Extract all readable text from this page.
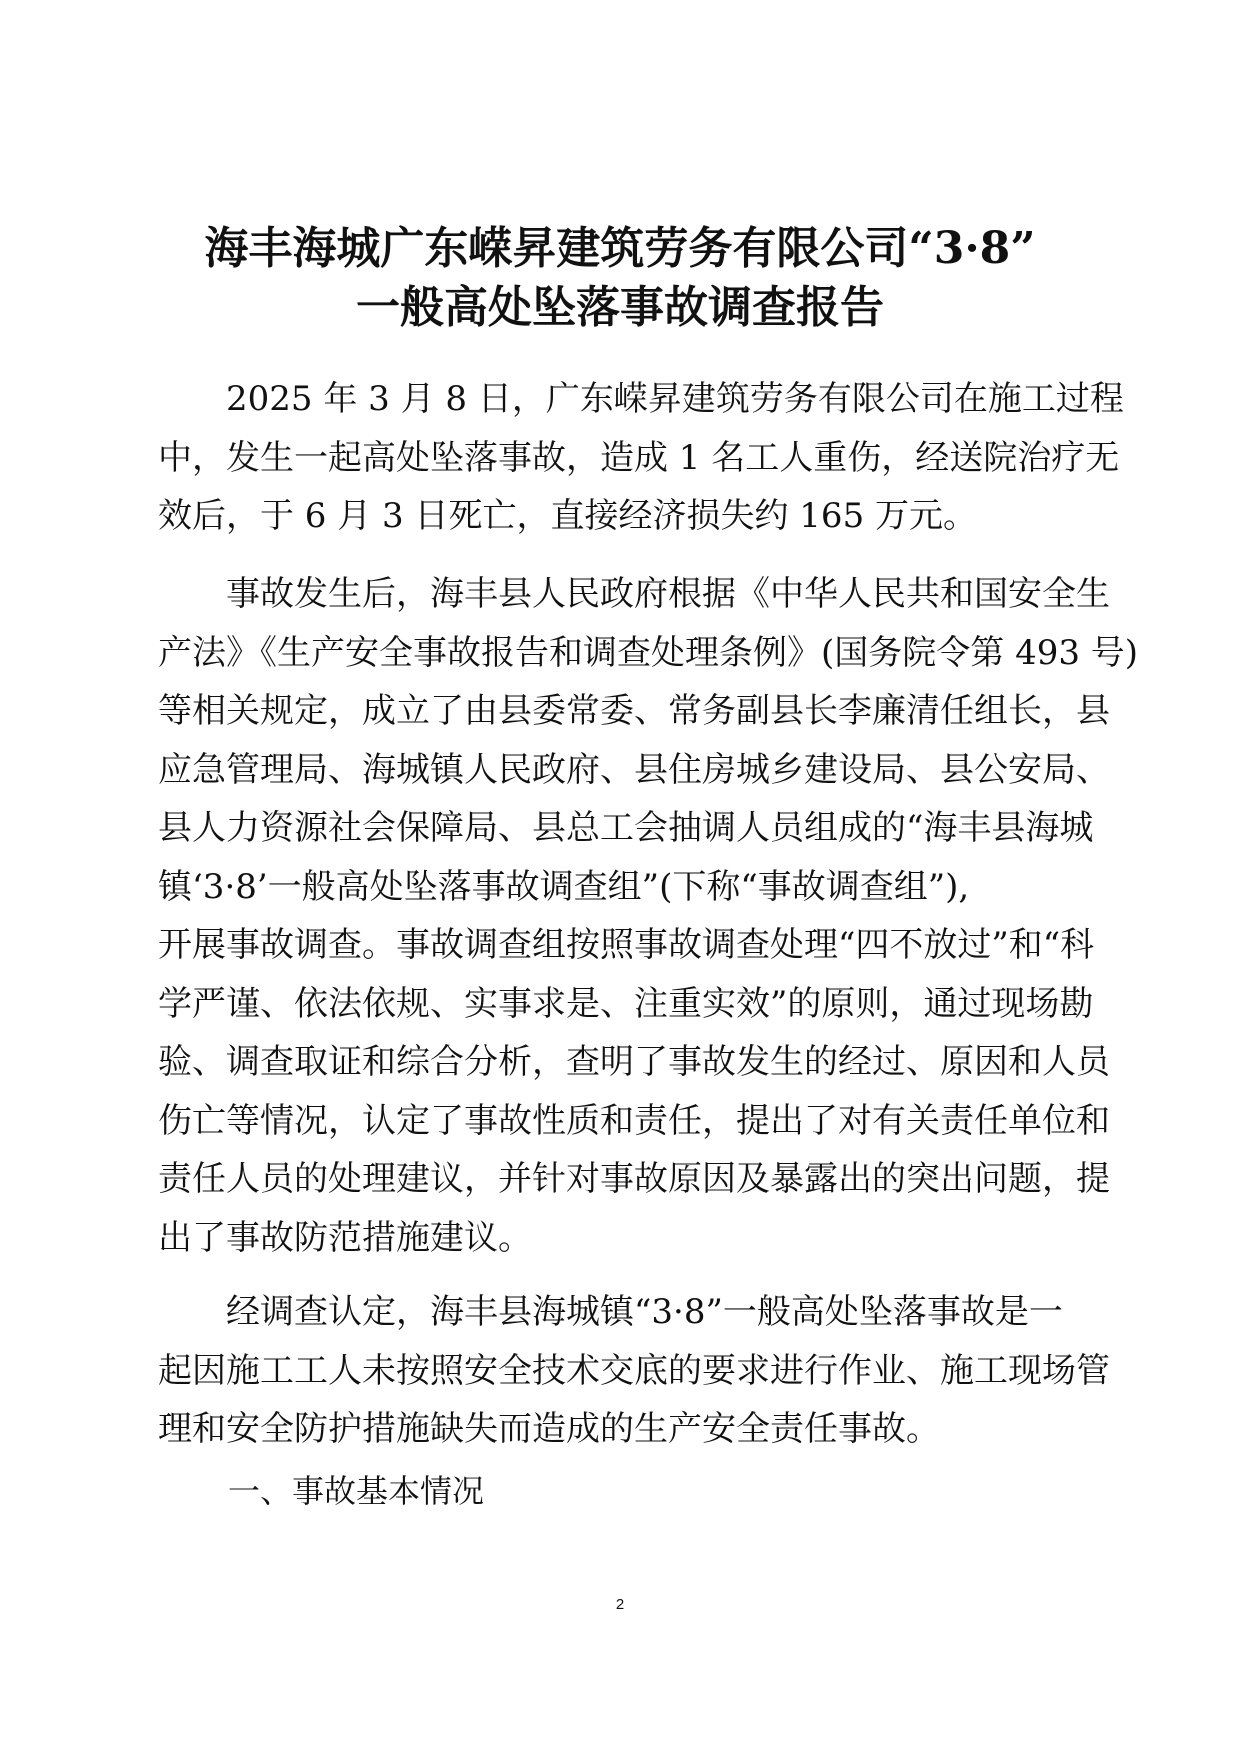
海丰海城广东嵘昇建筑劳务有限公司“3·8”
一般高处坠落事故调查报告
2025 年 3 月 8 日，广东嵘昇建筑劳务有限公司在施工过程
中，发生一起高处坠落事故，造成 1 名工人重伤，经送院治疗无
效后，于 6 月 3 日死亡，直接经济损失约 165 万元。
事故发生后，海丰县人民政府根据《中华人民共和国安全生
产法》《生产安全事故报告和调查处理条例》(国务院令第 493 号)
等相关规定，成立了由县委常委、常务副县长李廉清任组长，县
应急管理局、海城镇人民政府、县住房城乡建设局、县公安局、
县人力资源社会保障局、县总工会抽调人员组成的“海丰县海城
镇‘3·8’一般高处坠落事故调查组”(下称“事故调查组”),
开展事故调查。事故调查组按照事故调查处理“四不放过”和“科
学严谨、依法依规、实事求是、注重实效”的原则，通过现场勘
验、调查取证和综合分析，查明了事故发生的经过、原因和人员
伤亡等情况，认定了事故性质和责任，提出了对有关责任单位和
责任人员的处理建议，并针对事故原因及暴露出的突出问题，提
出了事故防范措施建议。
经调查认定，海丰县海城镇“3·8”一般高处坠落事故是一
起因施工工人未按照安全技术交底的要求进行作业、施工现场管
理和安全防护措施缺失而造成的生产安全责任事故。
一、事故基本情况
2
